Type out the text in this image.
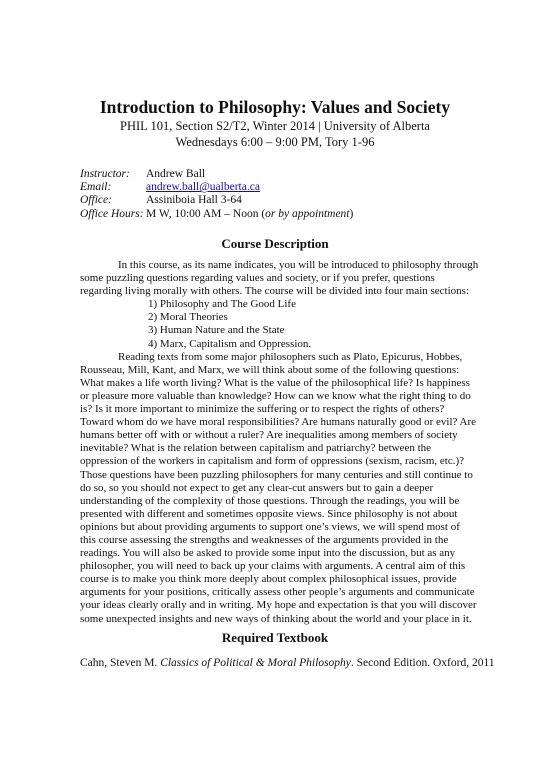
Introduction to Philosophy: Values and Society
PHIL 101, Section S2/T2, Winter 2014 | University of Alberta
Wednesdays 6:00 – 9:00 PM, Tory 1-96
Instructor:	Andrew Ball
Email:	andrew.ball@ualberta.ca
Office:	Assiniboia Hall 3-64
Office Hours: M W, 10:00 AM – Noon (or by appointment)
Course Description
In this course, as its name indicates, you will be introduced to philosophy through
some puzzling questions regarding values and society, or if you prefer, questions
regarding living morally with others. The course will be divided into four main sections:
1) Philosophy and The Good Life
2) Moral Theories
3) Human Nature and the State
4) Marx, Capitalism and Oppression.
Reading texts from some major philosophers such as Plato, Epicurus, Hobbes,
Rousseau, Mill, Kant, and Marx, we will think about some of the following questions:
What makes a life worth living? What is the value of the philosophical life? Is happiness
or pleasure more valuable than knowledge? How can we know what the right thing to do
is? Is it more important to minimize the suffering or to respect the rights of others?
Toward whom do we have moral responsibilities? Are humans naturally good or evil? Are
humans better off with or without a ruler? Are inequalities among members of society
inevitable? What is the relation between capitalism and patriarchy? between the
oppression of the workers in capitalism and form of oppressions (sexism, racism, etc.)?
Those questions have been puzzling philosophers for many centuries and still continue to
do so, so you should not expect to get any clear-cut answers but to gain a deeper
understanding of the complexity of those questions. Through the readings, you will be
presented with different and sometimes opposite views. Since philosophy is not about
opinions but about providing arguments to support one’s views, we will spend most of
this course assessing the strengths and weaknesses of the arguments provided in the
readings. You will also be asked to provide some input into the discussion, but as any
philosopher, you will need to back up your claims with arguments. A central aim of this
course is to make you think more deeply about complex philosophical issues, provide
arguments for your positions, critically assess other people’s arguments and communicate
your ideas clearly orally and in writing. My hope and expectation is that you will discover
some unexpected insights and new ways of thinking about the world and your place in it.
Required Textbook
Cahn, Steven M. Classics of Political & Moral Philosophy. Second Edition. Oxford, 2011
